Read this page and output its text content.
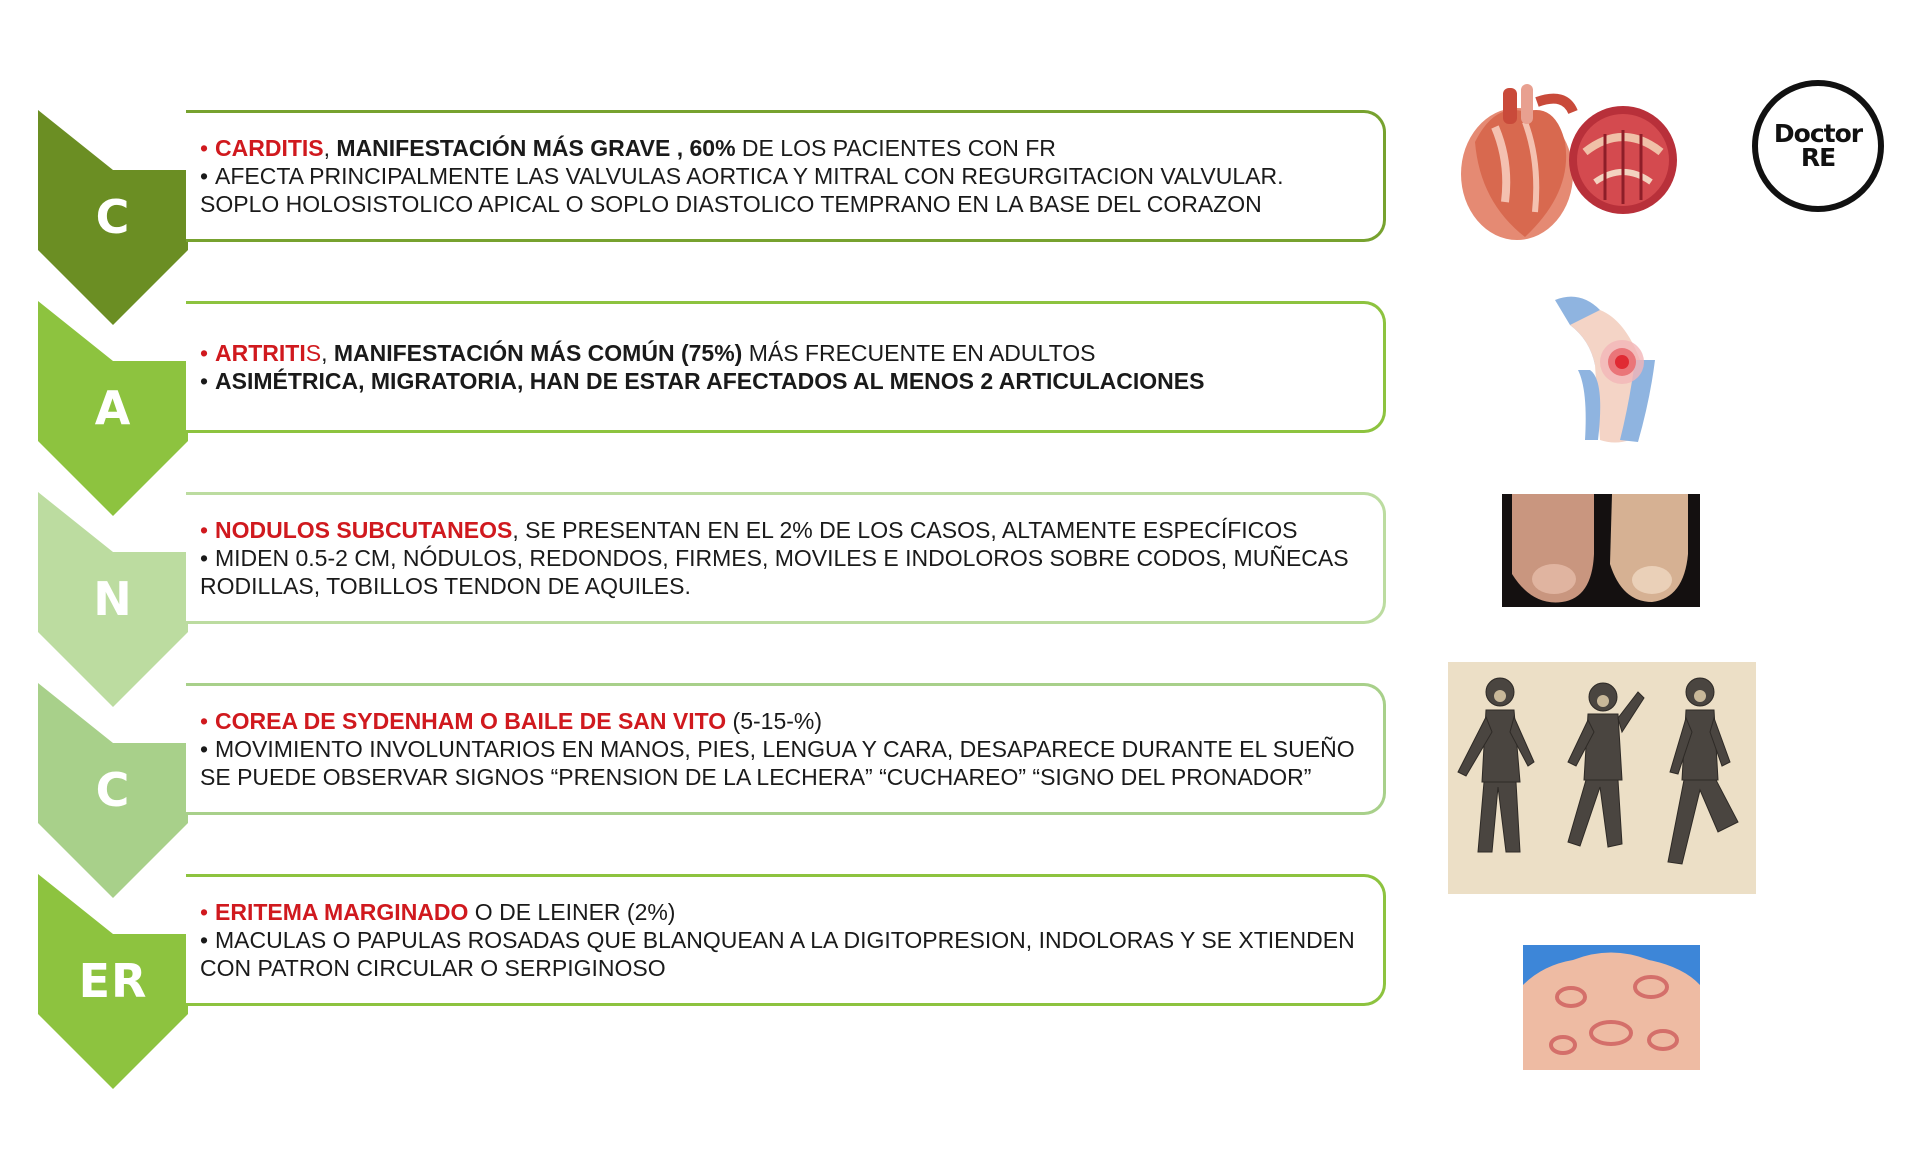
C
• CARDITIS, MANIFESTACIÓN MÁS GRAVE , 60% DE LOS PACIENTES CON FR
• AFECTA PRINCIPALMENTE LAS VALVULAS AORTICA Y MITRAL CON REGURGITACION VALVULAR.
SOPLO HOLOSISTOLICO APICAL O SOPLO DIASTOLICO TEMPRANO EN LA BASE DEL CORAZON
A
• ARTRITIS, MANIFESTACIÓN MÁS COMÚN (75%) MÁS FRECUENTE EN ADULTOS
• ASIMÉTRICA, MIGRATORIA, HAN DE ESTAR AFECTADOS AL MENOS 2 ARTICULACIONES
N
• NODULOS SUBCUTANEOS, SE PRESENTAN EN EL 2% DE LOS CASOS, ALTAMENTE ESPECÍFICOS
• MIDEN 0.5-2 CM, NÓDULOS, REDONDOS, FIRMES, MOVILES E INDOLOROS SOBRE CODOS, MUÑECAS
RODILLAS, TOBILLOS TENDON DE AQUILES.
C
• COREA DE SYDENHAM O BAILE DE SAN VITO (5-15-%)
• MOVIMIENTO INVOLUNTARIOS EN MANOS, PIES, LENGUA Y CARA, DESAPARECE DURANTE EL SUEÑO
SE PUEDE OBSERVAR SIGNOS “PRENSION DE LA LECHERA” “CUCHAREO” “SIGNO DEL PRONADOR”
ER
• ERITEMA MARGINADO O DE LEINER (2%)
• MACULAS O PAPULAS ROSADAS QUE BLANQUEAN A LA DIGITOPRESION, INDOLORAS Y SE XTIENDEN
CON PATRON CIRCULAR O SERPIGINOSO
Doctor
RE
